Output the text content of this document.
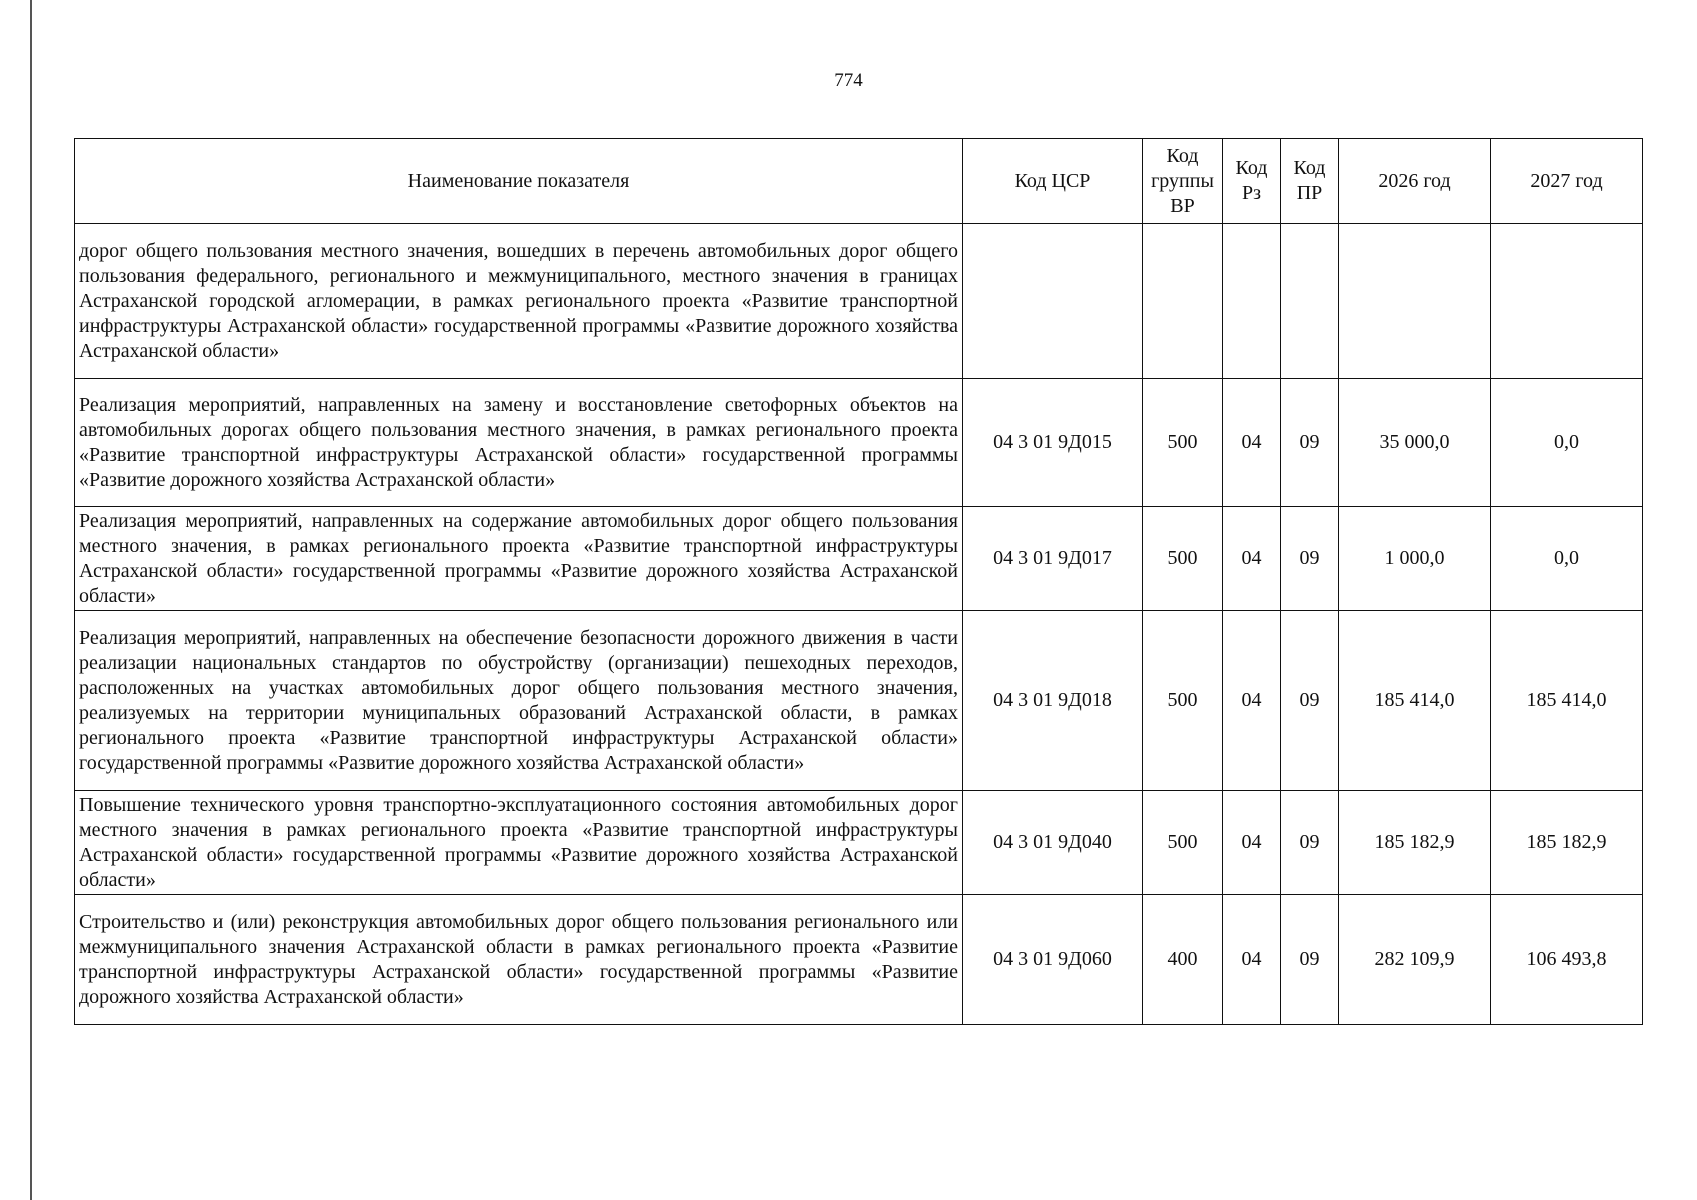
774
Наименование показателя	Код ЦСР	Код группы ВР	Код Рз	Код ПР	2026 год	2027 год
дорог общего пользования местного значения, вошедших в перечень автомобильных дорог общего пользования федерального, регионального и межмуниципального, местного значения в границах Астраханской городской агломерации, в рамках регионального проекта «Развитие транспортной инфраструктуры Астраханской области» государственной программы «Развитие дорожного хозяйства Астраханской области»						
Реализация мероприятий, направленных на замену и восстановление светофорных объектов на автомобильных дорогах общего пользования местного значения, в рамках регионального проекта «Развитие транспортной инфраструктуры Астраханской области» государственной программы «Развитие дорожного хозяйства Астраханской области»	04 3 01 9Д015	500	04	09	35 000,0	0,0
Реализация мероприятий, направленных на содержание автомобильных дорог общего пользования местного значения, в рамках регионального проекта «Развитие транспортной инфраструктуры Астраханской области» государственной программы «Развитие дорожного хозяйства Астраханской области»	04 3 01 9Д017	500	04	09	1 000,0	0,0
Реализация мероприятий, направленных на обеспечение безопасности дорожного движения в части реализации национальных стандартов по обустройству (организации) пешеходных переходов, расположенных на участках автомобильных дорог общего пользования местного значения, реализуемых на территории муниципальных образований Астраханской области, в рамках регионального проекта «Развитие транспортной инфраструктуры Астраханской области» государственной программы «Развитие дорожного хозяйства Астраханской области»	04 3 01 9Д018	500	04	09	185 414,0	185 414,0
Повышение технического уровня транспортно-эксплуатационного состояния автомобильных дорог местного значения в рамках регионального проекта «Развитие транспортной инфраструктуры Астраханской области» государственной программы «Развитие дорожного хозяйства Астраханской области»	04 3 01 9Д040	500	04	09	185 182,9	185 182,9
Строительство и (или) реконструкция автомобильных дорог общего пользования регионального или межмуниципального значения Астраханской области в рамках регионального проекта «Развитие транспортной инфраструктуры Астраханской области» государственной программы «Развитие дорожного хозяйства Астраханской области»	04 3 01 9Д060	400	04	09	282 109,9	106 493,8
